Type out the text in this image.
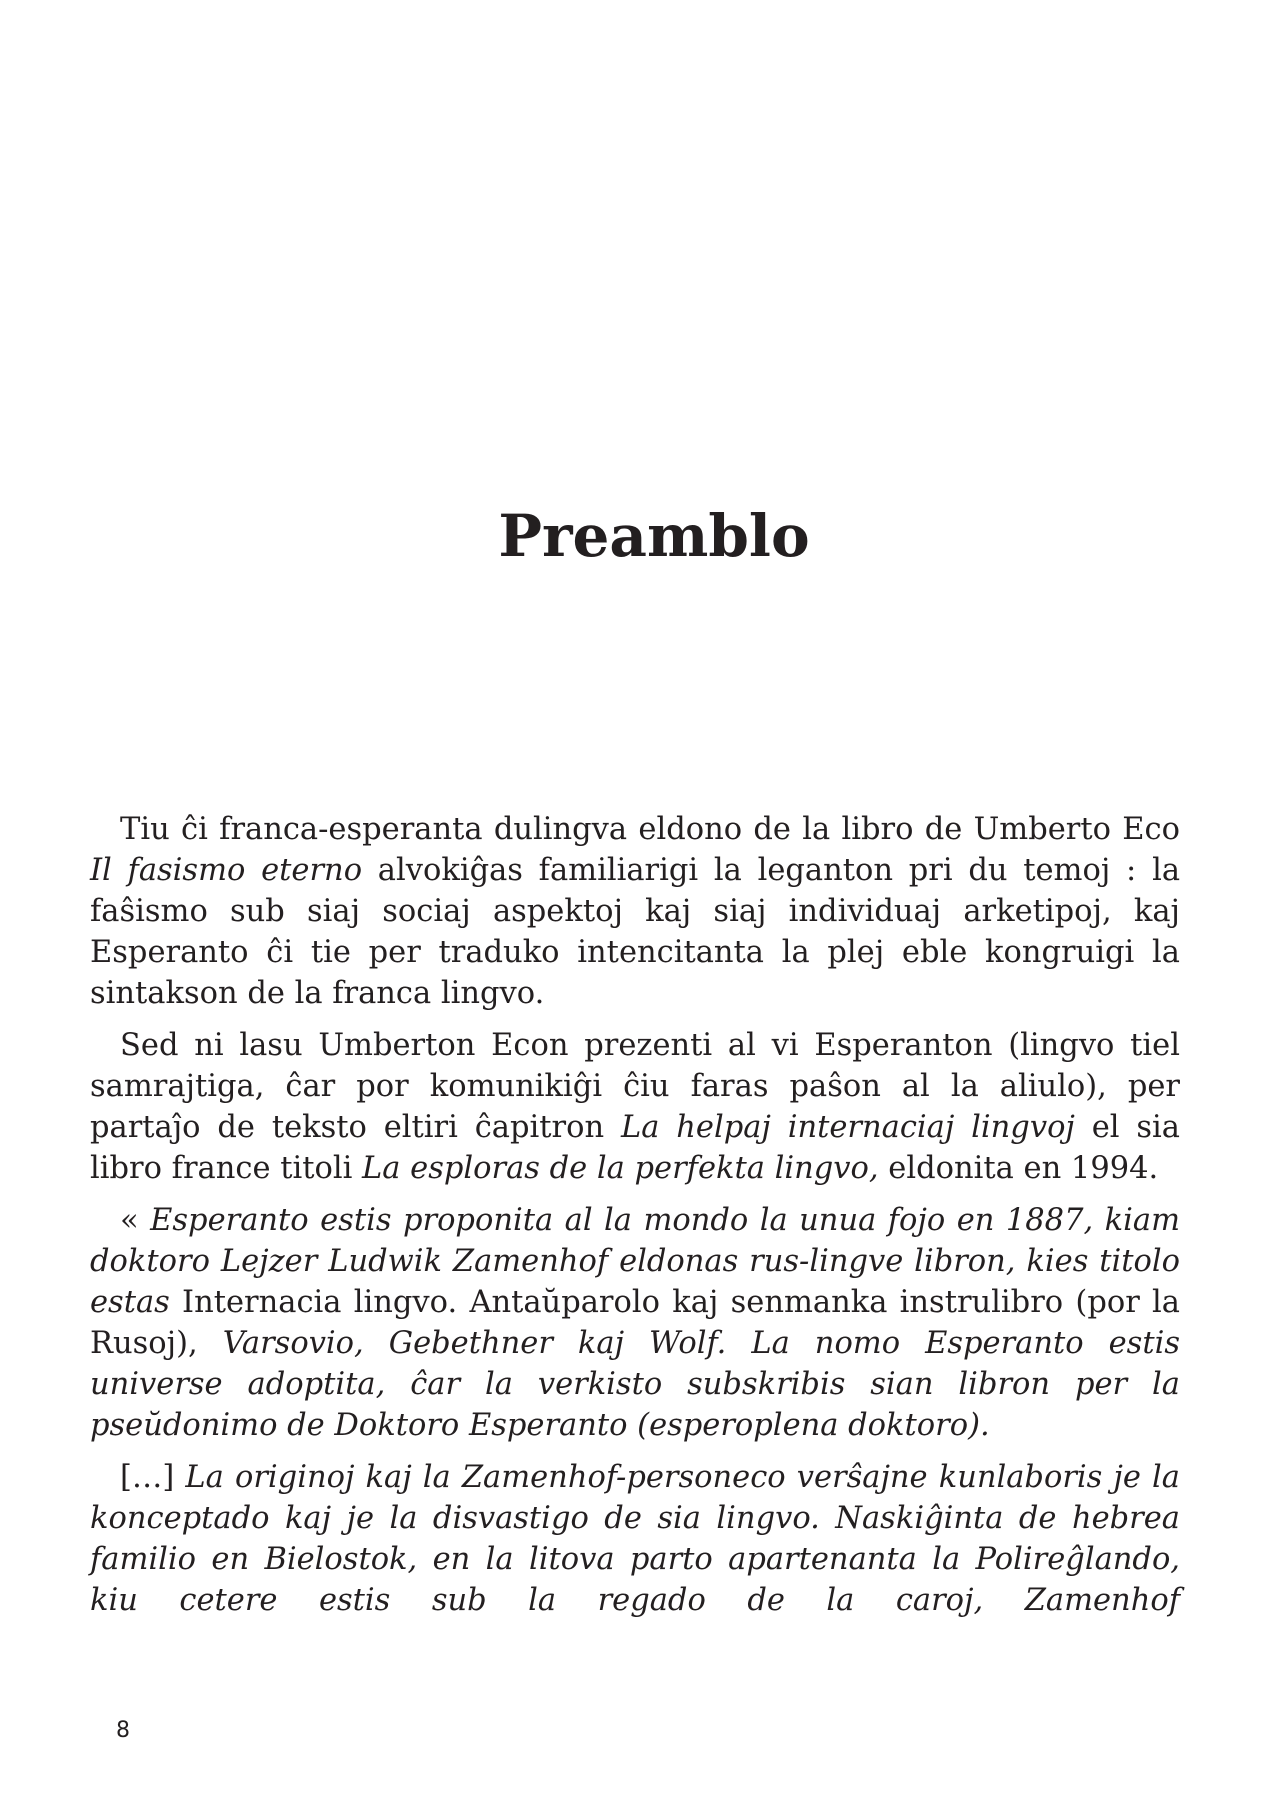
Preamblo

Tiu ĉi franca-esperanta dulingva eldono de la libro de Umberto Eco Il fasismo eterno alvokiĝas familiarigi la leganton pri du temoj : la faŝismo sub siaj sociaj aspektoj kaj siaj individuaj arketipoj, kaj Esperanto ĉi tie per traduko intencitanta la plej eble kongruigi la sintakson de la franca lingvo.

Sed ni lasu Umberton Econ prezenti al vi Esperanton (lingvo tiel samrajtiga, ĉar por komunikiĝi ĉiu faras paŝon al la aliulo), per partaĵo de teksto eltiri ĉapitron La helpaj internaciaj lingvoj el sia libro france titoli La esploras de la perfekta lingvo, eldonita en 1994.

« Esperanto estis proponita al la mondo la unua fojo en 1887, kiam doktoro Lejzer Ludwik Zamenhof eldonas rus-lingve libron, kies titolo estas Internacia lingvo. Antaŭparolo kaj senmanka instrulibro (por la Rusoj), Varsovio, Gebethner kaj Wolf. La nomo Esperanto estis universe adoptita, ĉar la verkisto subskribis sian libron per la pseŭdonimo de Doktoro Esperanto (esperoplena doktoro).

[…] La originoj kaj la Zamenhof-personeco verŝajne kunlaboris je la konceptado kaj je la disvastigo de sia lingvo. Naskiĝinta de hebrea familio en Bielostok, en la litova parto apartenanta la Polireĝlando, kiu cetere estis sub la regado de la caroj, Zamenhof

8
